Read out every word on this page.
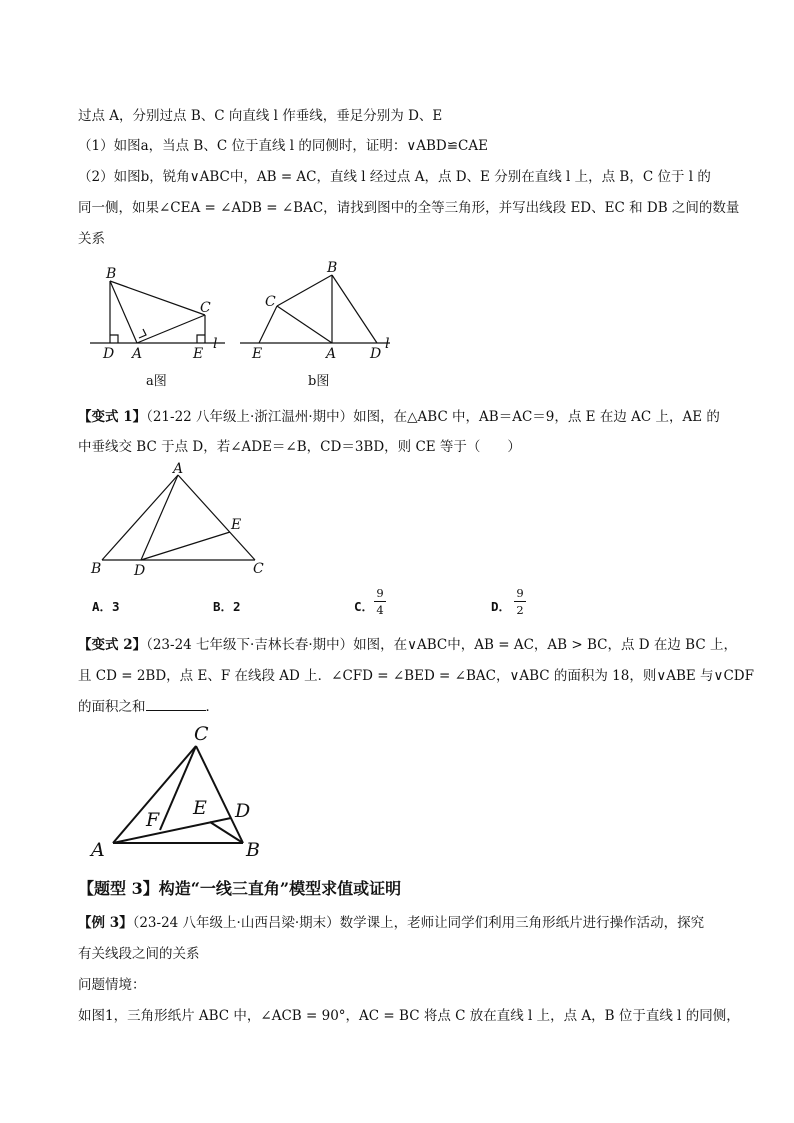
过点 A，分别过点 B、C 向直线 l 作垂线，垂足分别为 D、E
（1）如图a，当点 B、C 位于直线 l 的同侧时，证明：∨ABD≌CAE
（2）如图b，锐角∨ABC中，AB = AC，直线 l 经过点 A，点 D、E 分别在直线 l 上，点 B，C 位于 l 的
同一侧，如果∠CEA = ∠ADB = ∠BAC，请找到图中的全等三角形，并写出线段 ED、EC 和 DB 之间的数量
关系
B
C
D A	E
l
a图
B
C
E	A D
l
b图
【变式 1】（21-22 八年级上·浙江温州·期中）如图，在△ABC 中，AB＝AC＝9，点 E 在边 AC 上，AE 的
中垂线交 BC 于点 D，若∠ADE＝∠B，CD＝3BD，则 CE 等于（　　）
A
E
B D	C
A．3	B．2	C．
9
4	D．
9
2
【变式 2】（23-24 七年级下·吉林长春·期中）如图，在∨ABC中，AB = AC，AB > BC，点 D 在边 BC 上，
且 CD = 2BD，点 E、F 在线段 AD 上．∠CFD = ∠BED = ∠BAC，∨ABC 的面积为 18，则∨ABE 与∨CDF
的面积之和	．
C
E D
F
A	B
【题型 3】构造“一线三直角”模型求值或证明
【例 3】（23-24 八年级上·山西吕梁·期末）数学课上，老师让同学们利用三角形纸片进行操作活动，探究
有关线段之间的关系
问题情境：
如图1，三角形纸片 ABC 中，∠ACB = 90°，AC = BC 将点 C 放在直线 l 上，点 A，B 位于直线 l 的同侧，
